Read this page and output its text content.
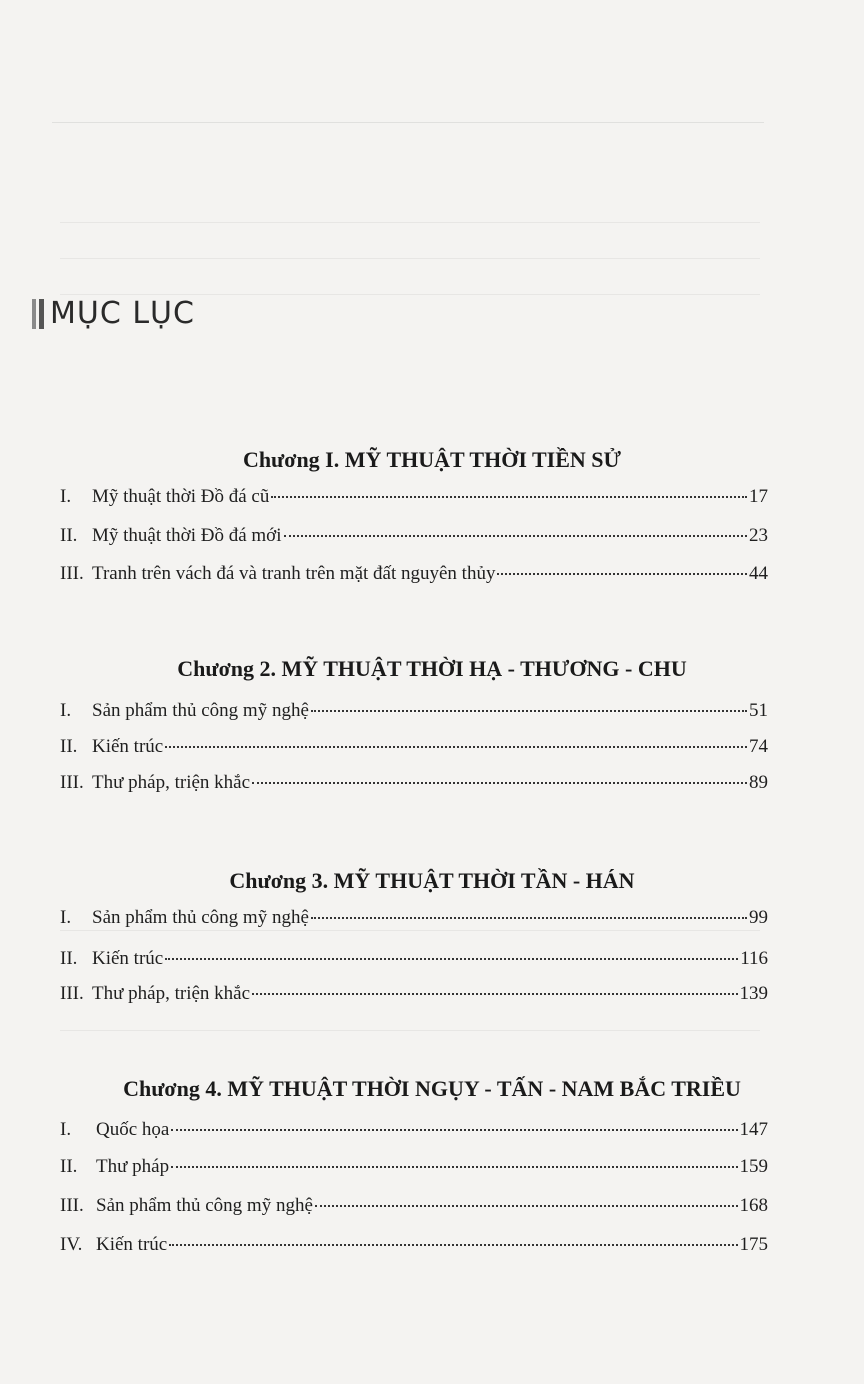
MỤC LỤC
Chương I. MỸ THUẬT THỜI TIỀN SỬ
I.	Mỹ thuật thời Đồ đá cũ	17
II. Mỹ thuật thời Đồ đá mới	23
III. Tranh trên vách đá và tranh trên mặt đất nguyên thủy	44
Chương 2. MỸ THUẬT THỜI HẠ - THƯƠNG - CHU
I.	Sản phẩm thủ công mỹ nghệ	51
II. Kiến trúc	74
III. Thư pháp, triện khắc	89
Chương 3. MỸ THUẬT THỜI TẦN - HÁN
I.	Sản phẩm thủ công mỹ nghệ	99
II. Kiến trúc	116
III. Thư pháp, triện khắc	139
Chương 4. MỸ THUẬT THỜI NGỤY - TẤN - NAM BẮC TRIỀU
I.	Quốc họa	147
II. Thư pháp	159
III. Sản phẩm thủ công mỹ nghệ	168
IV. Kiến trúc	175
